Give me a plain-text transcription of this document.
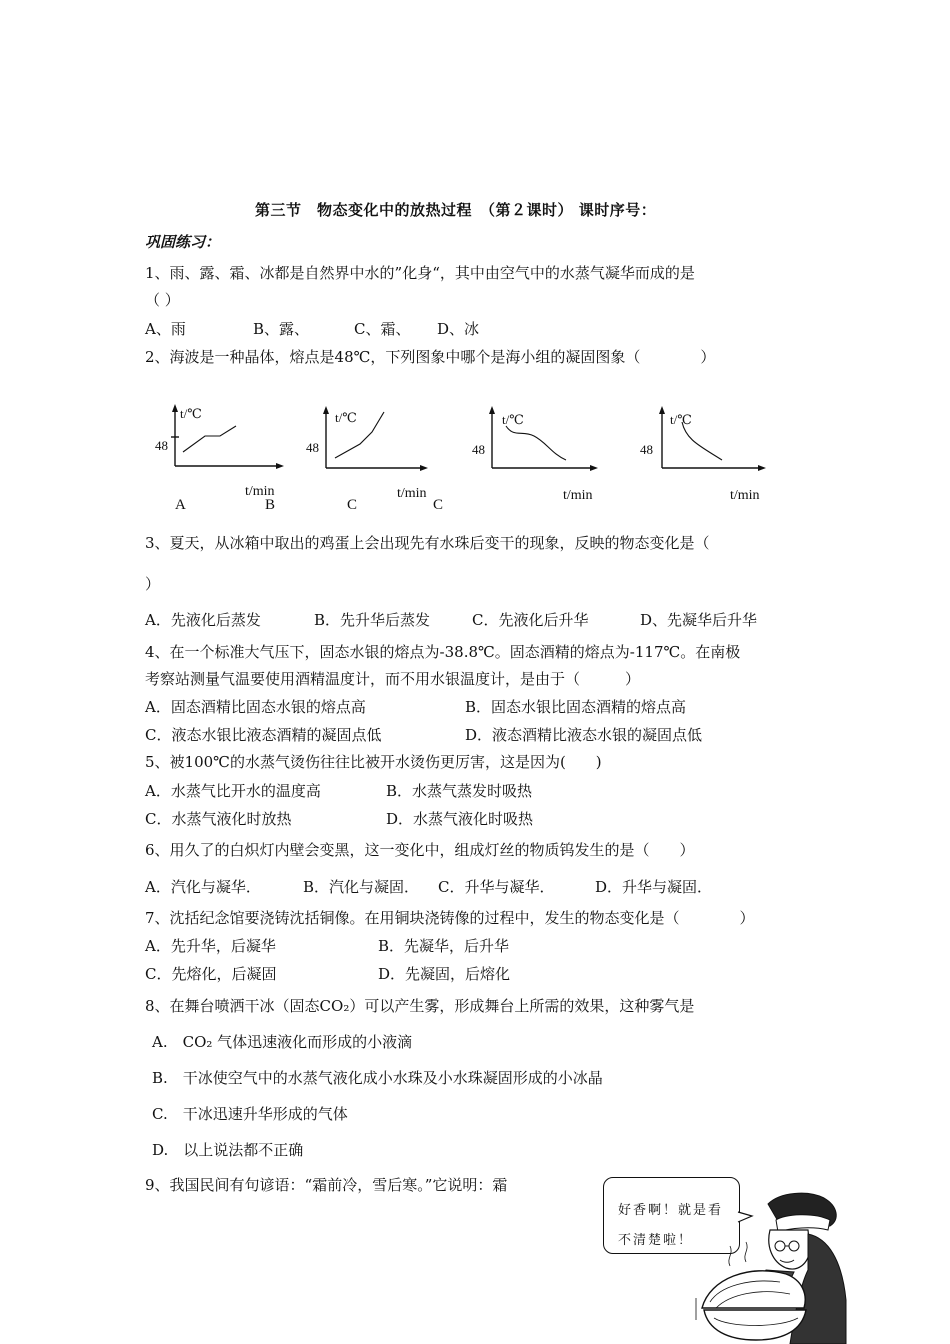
第三节　物态变化中的放热过程　（第２课时） 课时序号：
巩固练习：
1、雨、露、霜、冰都是自然界中水的”化身“，其中由空气中的水蒸气凝华而成的是
（ ）
A、雨	B、露、	C、霜、 D、冰
2、海波是一种晶体，熔点是48℃，下列图象中哪个是海小组的凝固图象（　　　　）
t/℃
48
t/min
A
t/℃
48
B
t/min
t/℃
48
C
t/min
t/℃
48
C
t/min
3、夏天，从冰箱中取出的鸡蛋上会出现先有水珠后变干的现象，反映的物态变化是（
）
A．先液化后蒸发	B．先升华后蒸发	C．先液化后升华	D、先凝华后升华
4、在一个标准大气压下，固态水银的熔点为-38.8℃。固态酒精的熔点为-117℃。在南极
考察站测量气温要使用酒精温度计，而不用水银温度计，是由于（　　　）
A．固态酒精比固态水银的熔点高	B．固态水银比固态酒精的熔点高
C．液态水银比液态酒精的凝固点低	D．液态酒精比液态水银的凝固点低
5、被100℃的水蒸气烫伤往往比被开水烫伤更厉害，这是因为(　　)
A．水蒸气比开水的温度高	B．水蒸气蒸发时吸热
C．水蒸气液化时放热	D．水蒸气液化时吸热
6、用久了的白炽灯内壁会变黑，这一变化中，组成灯丝的物质钨发生的是（　　）
A．汽化与凝华．	B．汽化与凝固． C．升华与凝华．	D．升华与凝固．
7、沈括纪念馆要浇铸沈括铜像。在用铜块浇铸像的过程中，发生的物态变化是（　　　　）
A．先升华，后凝华	B．先凝华，后升华
C．先熔化，后凝固	D．先凝固，后熔化
8、在舞台喷洒干冰（固态CO₂）可以产生雾，形成舞台上所需的效果，这种雾气是
A.　CO₂ 气体迅速液化而形成的小液滴
B.　干冰使空气中的水蒸气液化成小水珠及小水珠凝固形成的小冰晶
C.　干冰迅速升华形成的气体
D.　以上说法都不正确
9、我国民间有句谚语：“霜前冷，雪后寒。”它说明：霜
好香啊！就是看不清楚啦！
